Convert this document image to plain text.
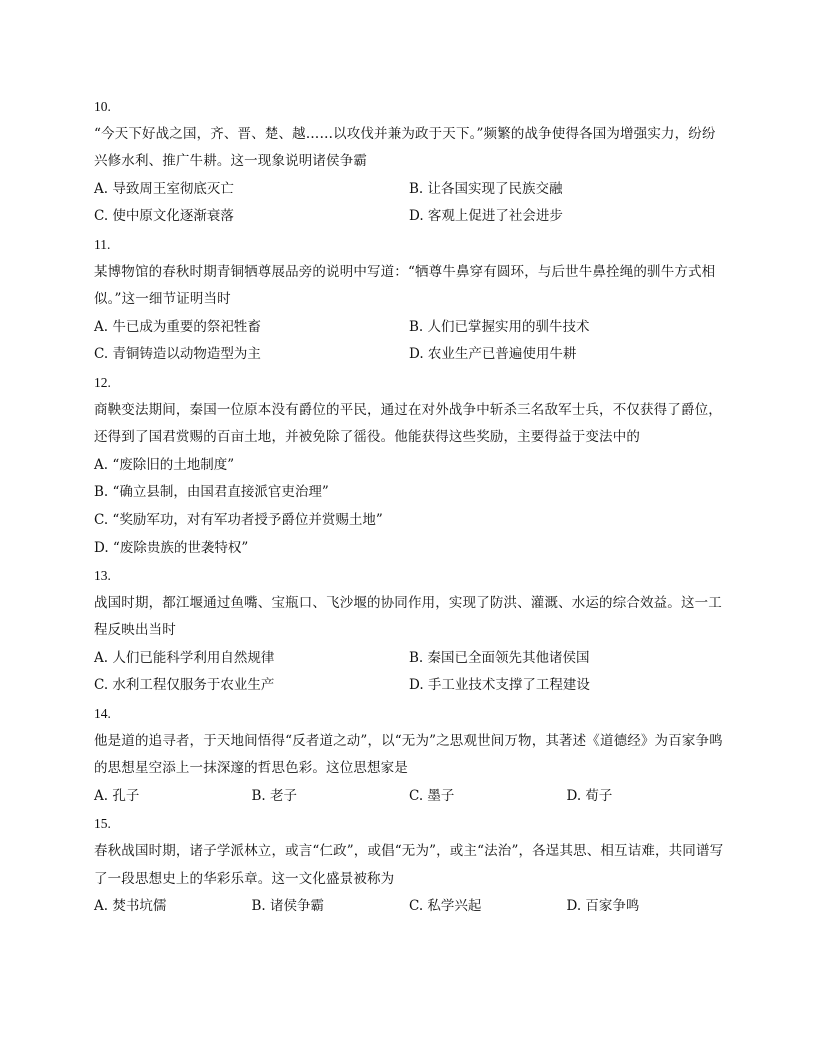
10.
“今天下好战之国，齐、晋、楚、越……以攻伐并兼为政于天下。”频繁的战争使得各国为增强实力，纷纷兴修水利、推广牛耕。这一现象说明诸侯争霸
A. 导致周王室彻底灭亡	B. 让各国实现了民族交融
C. 使中原文化逐渐衰落	D. 客观上促进了社会进步
11.
某博物馆的春秋时期青铜牺尊展品旁的说明中写道：“牺尊牛鼻穿有圆环，与后世牛鼻拴绳的驯牛方式相似。”这一细节证明当时
A. 牛已成为重要的祭祀牲畜	B. 人们已掌握实用的驯牛技术
C. 青铜铸造以动物造型为主	D. 农业生产已普遍使用牛耕
12.
商鞅变法期间，秦国一位原本没有爵位的平民，通过在对外战争中斩杀三名敌军士兵，不仅获得了爵位，还得到了国君赏赐的百亩土地，并被免除了徭役。他能获得这些奖励，主要得益于变法中的
A. “废除旧的土地制度”
B. “确立县制，由国君直接派官吏治理”
C. “奖励军功，对有军功者授予爵位并赏赐土地”
D. “废除贵族的世袭特权”
13.
战国时期，都江堰通过鱼嘴、宝瓶口、飞沙堰的协同作用，实现了防洪、灌溉、水运的综合效益。这一工程反映出当时
A. 人们已能科学利用自然规律	B. 秦国已全面领先其他诸侯国
C. 水利工程仅服务于农业生产	D. 手工业技术支撑了工程建设
14.
他是道的追寻者，于天地间悟得“反者道之动”，以“无为”之思观世间万物，其著述《道德经》为百家争鸣的思想星空添上一抹深邃的哲思色彩。这位思想家是
A. 孔子	B. 老子	C. 墨子	D. 荀子
15.
春秋战国时期，诸子学派林立，或言“仁政”，或倡“无为”，或主“法治”，各逞其思、相互诘难，共同谱写了一段思想史上的华彩乐章。这一文化盛景被称为
A. 焚书坑儒	B. 诸侯争霸	C. 私学兴起	D. 百家争鸣
